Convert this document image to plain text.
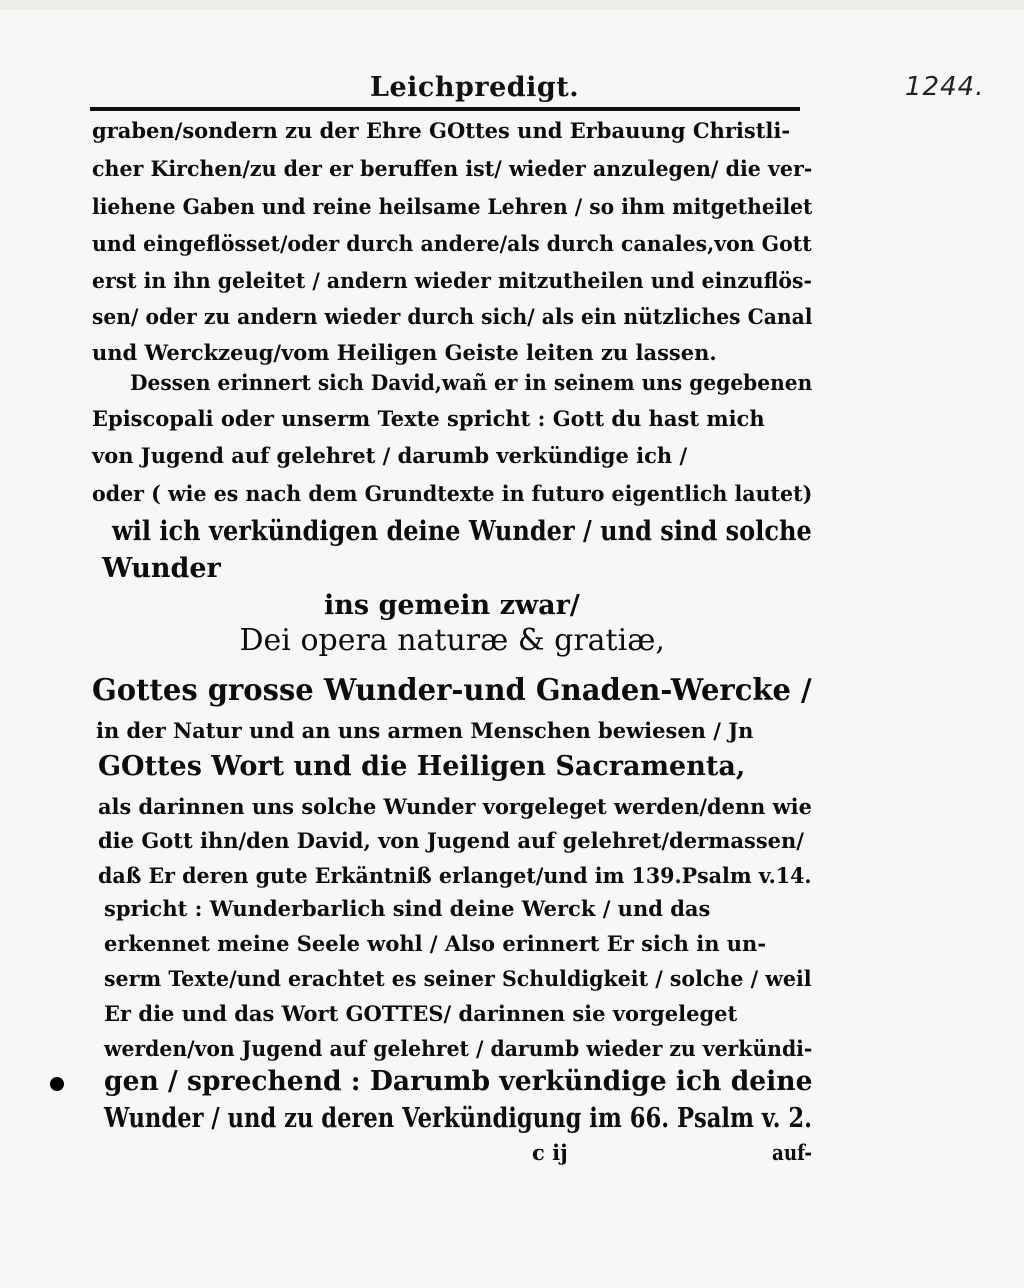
Leichpredigt.	1244.
graben/sondern zu der Ehre GOttes und Erbauung Christli-
cher Kirchen/zu der er beruffen ist/ wieder anzulegen/ die ver-
liehene Gaben und reine heilsame Lehren / so ihm mitgetheilet
und eingeflösset/oder durch andere/als durch canales,von Gott
erst in ihn geleitet / andern wieder mitzutheilen und einzuflös-
sen/ oder zu andern wieder durch sich/ als ein nützliches Canal
und Werckzeug/vom Heiligen Geiste leiten zu lassen.
Dessen erinnert sich David,wañ er in seinem uns gegebenen
Episcopali oder unserm Texte spricht : Gott du hast mich
von Jugend auf gelehret / darumb verkündige ich /
oder ( wie es nach dem Grundtexte in futuro eigentlich lautet)
wil ich verkündigen deine Wunder / und sind solche
Wunder
ins gemein zwar/
Dei opera naturæ & gratiæ,
Gottes grosse Wunder-und Gnaden-Wercke /
in der Natur und an uns armen Menschen bewiesen / Jn
GOttes Wort und die Heiligen Sacramenta,
als darinnen uns solche Wunder vorgeleget werden/denn wie
die Gott ihn/den David, von Jugend auf gelehret/dermassen/
daß Er deren gute Erkäntniß erlanget/und im 139.Psalm v.14.
spricht : Wunderbarlich sind deine Werck / und das
erkennet meine Seele wohl / Also erinnert Er sich in un-
serm Texte/und erachtet es seiner Schuldigkeit / solche / weil
Er die und das Wort GOTTES/ darinnen sie vorgeleget
werden/von Jugend auf gelehret / darumb wieder zu verkündi-
gen / sprechend : Darumb verkündige ich deine
Wunder / und zu deren Verkündigung im 66. Psalm v. 2.
c ij	auf-
